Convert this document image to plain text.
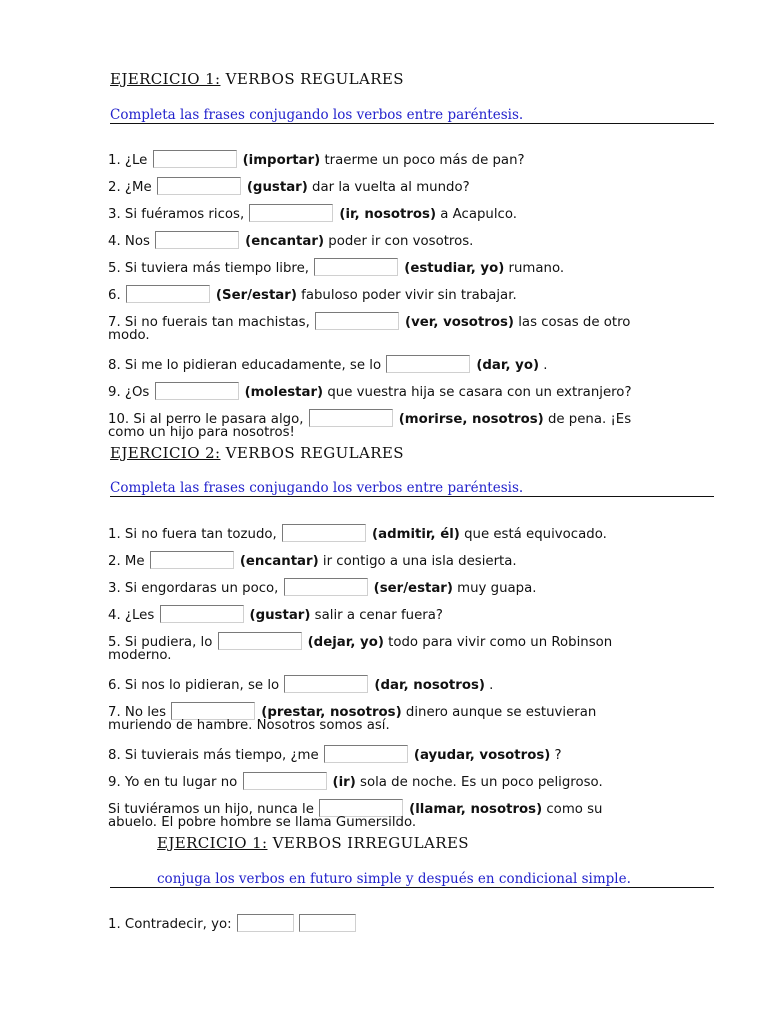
EJERCICIO 1: VERBOS REGULARES
Completa las frases conjugando los verbos entre paréntesis.
1. ¿Le	(importar) traerme un poco más de pan?
2. ¿Me	(gustar) dar la vuelta al mundo?
3. Si fuéramos ricos,	(ir, nosotros) a Acapulco.
4. Nos	(encantar) poder ir con vosotros.
5. Si tuviera más tiempo libre,	(estudiar, yo) rumano.
6.	(Ser/estar) fabuloso poder vivir sin trabajar.
7. Si no fuerais tan machistas,	(ver, vosotros) las cosas de otro
modo.
8. Si me lo pidieran educadamente, se lo	(dar, yo) .
9. ¿Os	(molestar) que vuestra hija se casara con un extranjero?
10. Si al perro le pasara algo,	(morirse, nosotros) de pena. ¡Es
como un hijo para nosotros!
EJERCICIO 2: VERBOS REGULARES
Completa las frases conjugando los verbos entre paréntesis.
1. Si no fuera tan tozudo,	(admitir, él) que está equivocado.
2. Me	(encantar) ir contigo a una isla desierta.
3. Si engordaras un poco,	(ser/estar) muy guapa.
4. ¿Les	(gustar) salir a cenar fuera?
5. Si pudiera, lo	(dejar, yo) todo para vivir como un Robinson
moderno.
6. Si nos lo pidieran, se lo	(dar, nosotros) .
7. No les	(prestar, nosotros) dinero aunque se estuvieran
muriendo de hambre. Nosotros somos así.
8. Si tuvierais más tiempo, ¿me	(ayudar, vosotros) ?
9. Yo en tu lugar no	(ir) sola de noche. Es un poco peligroso.
Si tuviéramos un hijo, nunca le	(llamar, nosotros) como su
abuelo. El pobre hombre se llama Gumersildo.
EJERCICIO 1: VERBOS IRREGULARES
conjuga los verbos en futuro simple y después en condicional simple.
1. Contradecir, yo:
